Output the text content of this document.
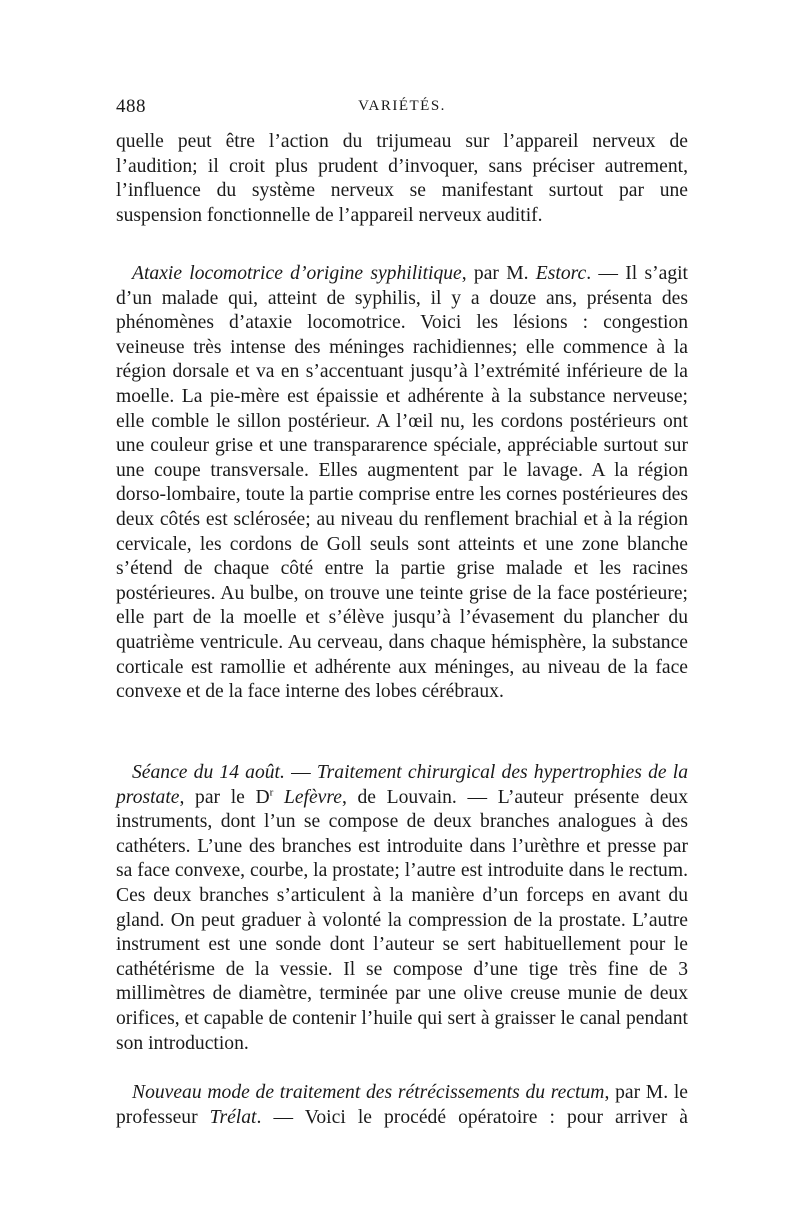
488	VARIÉTÉS.
quelle peut être l’action du trijumeau sur l’appareil nerveux de l’audition; il croit plus prudent d’invoquer, sans préciser autrement, l’influence du système nerveux se manifestant surtout par une suspension fonctionnelle de l’appareil nerveux auditif.
Ataxie locomotrice d’origine syphilitique, par M. Estorc. — Il s’agit d’un malade qui, atteint de syphilis, il y a douze ans, présenta des phénomènes d’ataxie locomotrice. Voici les lésions : congestion veineuse très intense des méninges rachidiennes; elle commence à la région dorsale et va en s’accentuant jusqu’à l’extrémité inférieure de la moelle. La pie-mère est épaissie et adhérente à la substance nerveuse; elle comble le sillon postérieur. A l’œil nu, les cordons postérieurs ont une couleur grise et une transpararence spéciale, appréciable surtout sur une coupe transversale. Elles augmentent par le lavage. A la région dorso-lombaire, toute la partie comprise entre les cornes postérieures des deux côtés est sclérosée; au niveau du renflement brachial et à la région cervicale, les cordons de Goll seuls sont atteints et une zone blanche s’étend de chaque côté entre la partie grise malade et les racines postérieures. Au bulbe, on trouve une teinte grise de la face postérieure; elle part de la moelle et s’élève jusqu’à l’évasement du plancher du quatrième ventricule. Au cerveau, dans chaque hémisphère, la substance corticale est ramollie et adhérente aux méninges, au niveau de la face convexe et de la face interne des lobes cérébraux.
Séance du 14 août. — Traitement chirurgical des hypertrophies de la prostate, par le $D^r$ Lefèvre, de Louvain. — L’auteur présente deux instruments, dont l’un se compose de deux branches analogues à des cathéters. L’une des branches est introduite dans l’urèthre et presse par sa face convexe, courbe, la prostate; l’autre est introduite dans le rectum. Ces deux branches s’articulent à la manière d’un forceps en avant du gland. On peut graduer à volonté la compression de la prostate. L’autre instrument est une sonde dont l’auteur se sert habituellement pour le cathétérisme de la vessie. Il se compose d’une tige très fine de 3 millimètres de diamètre, terminée par une olive creuse munie de deux orifices, et capable de contenir l’huile qui sert à graisser le canal pendant son introduction.
Nouveau mode de traitement des rétrécissements du rectum, par M. le professeur Trélat. — Voici le procédé opératoire : pour arriver à
